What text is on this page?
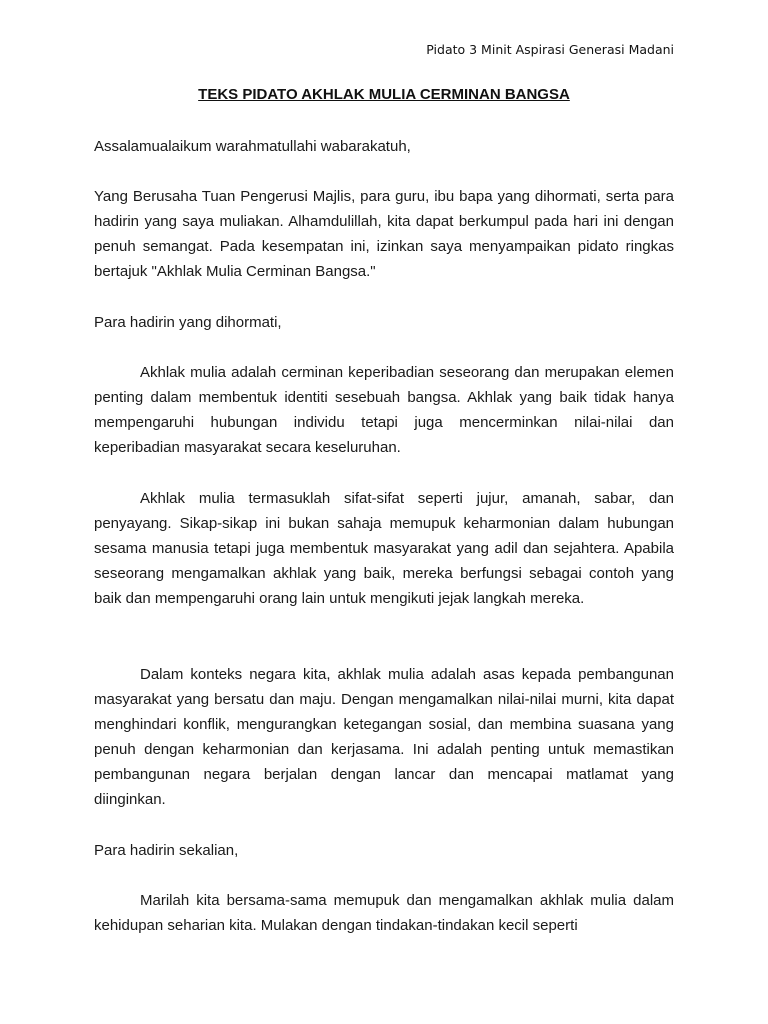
Pidato 3 Minit Aspirasi Generasi Madani
TEKS PIDATO AKHLAK MULIA CERMINAN BANGSA

Assalamualaikum warahmatullahi wabarakatuh,

Yang Berusaha Tuan Pengerusi Majlis, para guru, ibu bapa yang dihormati, serta para hadirin yang saya muliakan. Alhamdulillah, kita dapat berkumpul pada hari ini dengan penuh semangat. Pada kesempatan ini, izinkan saya menyampaikan pidato ringkas bertajuk "Akhlak Mulia Cerminan Bangsa."

Para hadirin yang dihormati,

Akhlak mulia adalah cerminan keperibadian seseorang dan merupakan elemen penting dalam membentuk identiti sesebuah bangsa. Akhlak yang baik tidak hanya mempengaruhi hubungan individu tetapi juga mencerminkan nilai-nilai dan keperibadian masyarakat secara keseluruhan.

Akhlak mulia termasuklah sifat-sifat seperti jujur, amanah, sabar, dan penyayang. Sikap-sikap ini bukan sahaja memupuk keharmonian dalam hubungan sesama manusia tetapi juga membentuk masyarakat yang adil dan sejahtera. Apabila seseorang mengamalkan akhlak yang baik, mereka berfungsi sebagai contoh yang baik dan mempengaruhi orang lain untuk mengikuti jejak langkah mereka.

Dalam konteks negara kita, akhlak mulia adalah asas kepada pembangunan masyarakat yang bersatu dan maju. Dengan mengamalkan nilai-nilai murni, kita dapat menghindari konflik, mengurangkan ketegangan sosial, dan membina suasana yang penuh dengan keharmonian dan kerjasama. Ini adalah penting untuk memastikan pembangunan negara berjalan dengan lancar dan mencapai matlamat yang diinginkan.

Para hadirin sekalian,

Marilah kita bersama-sama memupuk dan mengamalkan akhlak mulia dalam kehidupan seharian kita. Mulakan dengan tindakan-tindakan kecil seperti
